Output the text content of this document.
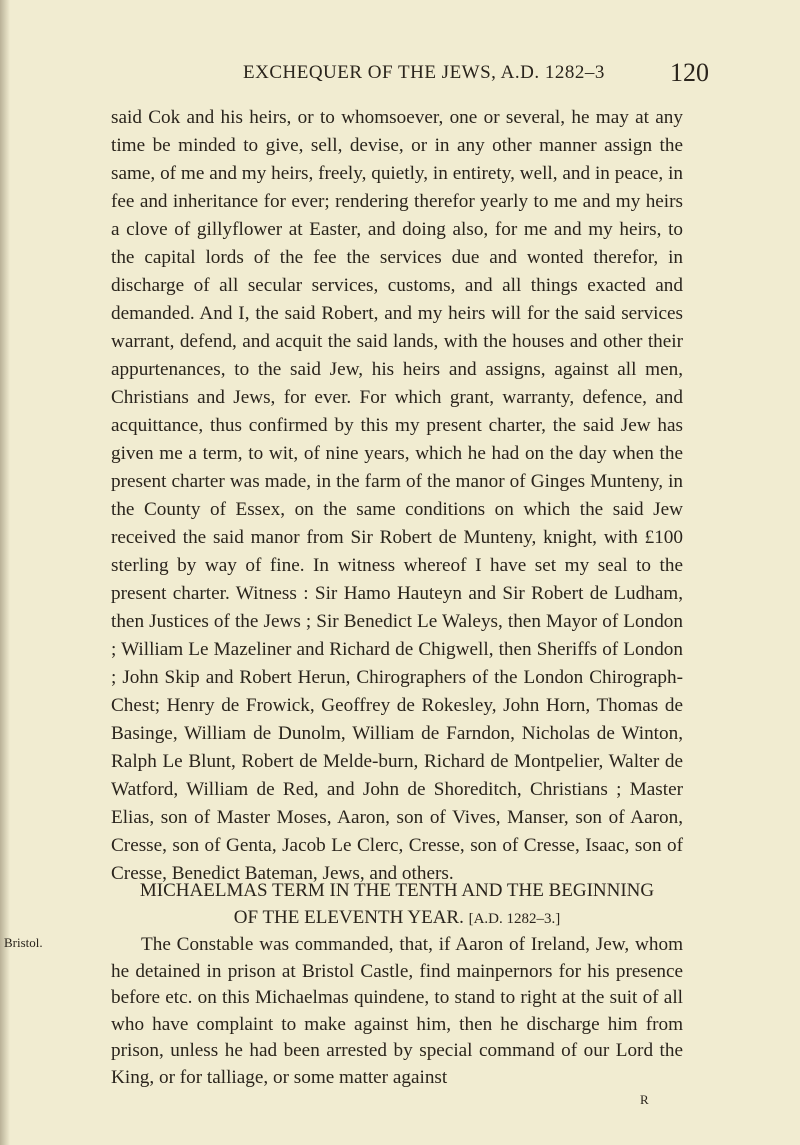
EXCHEQUER OF THE JEWS, A.D. 1282–3	120

said Cok and his heirs, or to whomsoever, one or several, he may at any time be minded to give, sell, devise, or in any other manner assign the same, of me and my heirs, freely, quietly, in entirety, well, and in peace, in fee and inheritance for ever; rendering therefor yearly to me and my heirs a clove of gillyflower at Easter, and doing also, for me and my heirs, to the capital lords of the fee the services due and wonted therefor, in discharge of all secular services, customs, and all things exacted and demanded. And I, the said Robert, and my heirs will for the said services warrant, defend, and acquit the said lands, with the houses and other their appurtenances, to the said Jew, his heirs and assigns, against all men, Christians and Jews, for ever. For which grant, warranty, defence, and acquittance, thus confirmed by this my present charter, the said Jew has given me a term, to wit, of nine years, which he had on the day when the present charter was made, in the farm of the manor of Ginges Munteny, in the County of Essex, on the same conditions on which the said Jew received the said manor from Sir Robert de Munteny, knight, with £100 sterling by way of fine. In witness whereof I have set my seal to the present charter. Witness : Sir Hamo Hauteyn and Sir Robert de Ludham, then Justices of the Jews ; Sir Benedict Le Waleys, then Mayor of London ; William Le Mazeliner and Richard de Chigwell, then Sheriffs of London ; John Skip and Robert Herun, Chirographers of the London Chirograph-Chest; Henry de Frowick, Geoffrey de Rokesley, John Horn, Thomas de Basinge, William de Dunolm, William de Farndon, Nicholas de Winton, Ralph Le Blunt, Robert de Melde-burn, Richard de Montpelier, Walter de Watford, William de Red, and John de Shoreditch, Christians ; Master Elias, son of Master Moses, Aaron, son of Vives, Manser, son of Aaron, Cresse, son of Genta, Jacob Le Clerc, Cresse, son of Cresse, Isaac, son of Cresse, Benedict Bateman, Jews, and others.

MICHAELMAS TERM IN THE TENTH AND THE BEGINNING
OF THE ELEVENTH YEAR. [A.D. 1282–3.]
Bristol.	The Constable was commanded, that, if Aaron of Ireland, Jew, whom he detained in prison at Bristol Castle, find mainpernors for his presence before etc. on this Michaelmas quindene, to stand to right at the suit of all who have complaint to make against him, then he discharge him from prison, unless he had been arrested by special command of our Lord the King, or for talliage, or some matter against

R
